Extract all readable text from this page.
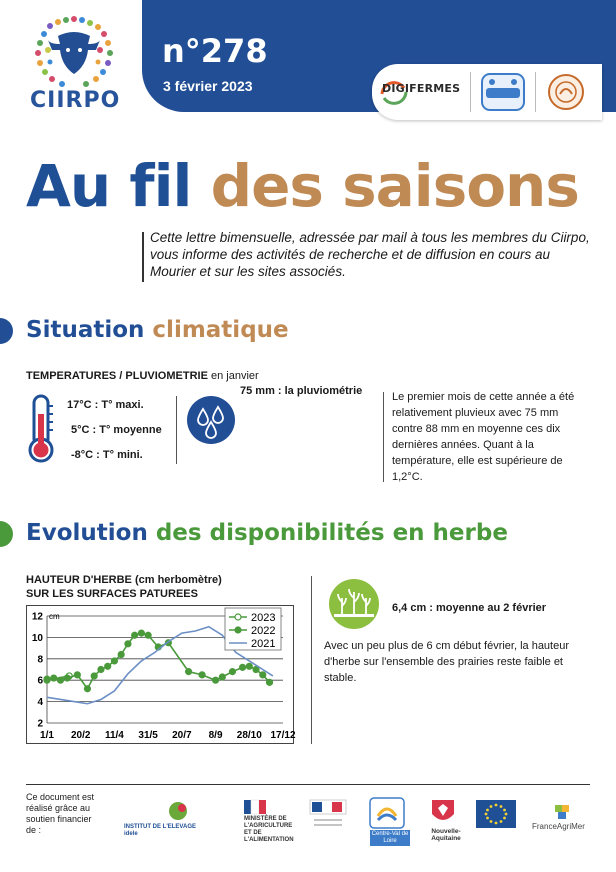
CIIRPO
n°278
3 février 2023	DIGIFERMES
Au fil des saisons
Cette lettre bimensuelle, adressée par mail à tous les membres du Ciirpo, vous informe des activités de recherche et de diffusion en cours au Mourier et sur les sites associés.
Situation climatique
TEMPERATURES / PLUVIOMETRIE en janvier
17°C : T° maxi.
5°C : T° moyenne
-8°C : T° mini.
75 mm : la pluviométrie	Le premier mois de cette année a été relativement pluvieux avec 75 mm contre 88 mm en moyenne ces dix dernières années. Quant à la température, elle est supérieure de 1,2°C.
Evolution des disponibilités en herbe
HAUTEUR D'HERBE (cm herbomètre)
SUR LES SURFACES PATUREES
2
4
6
8
10
12 cm
1/1 20/2 11/4 31/5 20/7 8/9 28/10 17/12
2023
2022
2021
6,4 cm : moyenne au 2 février
Avec un peu plus de 6 cm début février, la hauteur d'herbe sur l'ensemble des prairies reste faible et stable.
Ce document est réalisé grâce au soutien financier de :	INSTITUT DE L'ELEVAGE idele
MINISTÈRE DE L'AGRICULTURE ET DE L'ALIMENTATION
Centre-Val de Loire
Nouvelle-Aquitaine
FranceAgriMer
